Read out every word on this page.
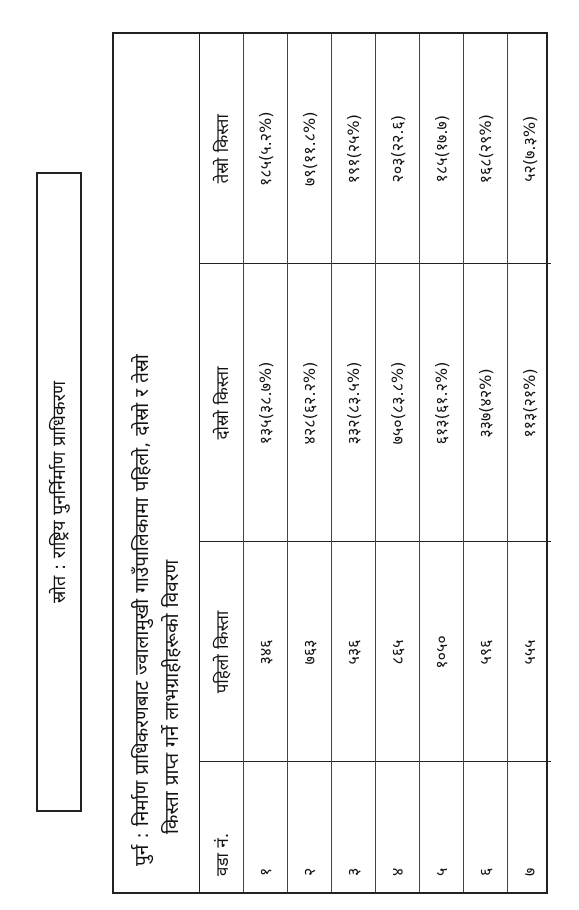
पुर्न : निर्माण प्राधिकरणबाट ज्वालामुखी गाउँपालिकामा पहिलो, दोस्रो र तेस्रो किस्ता प्राप्त गर्ने लाभग्राहीहरूको विवरण
वडा नं.	पहिलो किस्ता	दोस्रो किस्ता	तेस्रो किस्ता
१	३४६	१३५(३८.७%)	१८५(५.२%)
२	७६३	४२८(६२.२%)	७९(११.८%)
३	५३६	३३२(८३.५%)	१९१(२५%)
४	८६५	७५०(८३.८%)	२०३(२२.६)
५	१०५०	६१३(६१.२%)	१८५(१७.७)
६	५९६	३३७(४२%)	१६८(२९%)
७	५५५	११३(२१%)	५२(७.३%)
स्रोत : राष्ट्रिय पुनर्निर्माण प्राधिकरण
